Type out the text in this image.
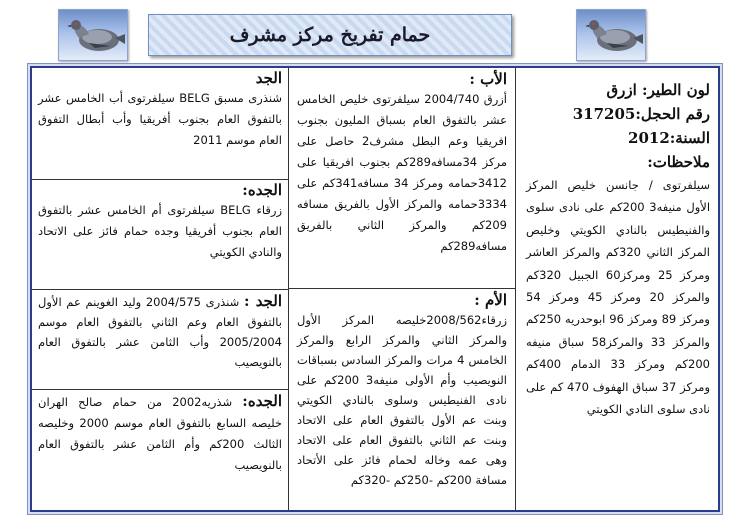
حمام تفريخ مركز مشرف
لون الطير: ازرق
رقم الحجل:317205
السنة:2012
ملاحظات:
سيلفرتوى / جانسن خليص المركز الأول منيفه3 200كم على نادى سلوى والفنيطيس بالنادي الكويتي وخليص المركز الثاني 320كم والمركز العاشر ومركز 25 ومركز60 الجبيل 320كم والمركز 20 ومركز 45 ومركز 54 ومركز 89 ومركز 96 ابوحدريه 250كم والمركز 33 والمركز58 سباق منيفه 200كم ومركز 33 الدمام 400كم ومركز 37 سباق الهفوف 470 كم على نادى سلوى النادي الكويتي
الأب :
أزرق 2004/740 سيلفرتوى خليص الخامس عشر بالتفوق العام بسباق المليون بجنوب افريقيا وعم البطل مشرف2 حاصل على مركز 34مسافه289كم بجنوب افريقيا على 3412حمامه ومركز 34 مسافه341كم على 3334حمامه والمركز الأول بالفريق مسافه 209كم والمركز الثاني بالفريق مسافه289كم
الأم :
زرقاء2008/562خليصه المركز الأول والمركز الثاني والمركز الرابع والمركز الخامس 4 مرات والمركز السادس بسباقات النويصيب وأم الأولى منيفه3 200كم على نادى الفنيطيس وسلوى بالنادي الكويتي وبنت عم الأول بالتفوق العام على الاتحاد وبنت عم الثاني بالتفوق العام على الاتحاد وهى عمه وخاله لحمام فائز على الأتحاد مسافة 200كم -250كم -320كم
الجد
شنذرى مسبق BELG سيلفرتوى أب الخامس عشر بالتفوق العام بجنوب أفريقيا وأب أبطال التفوق العام موسم 2011
الجده:
زرقاء BELG سيلفرتوى أم الخامس عشر بالتفوق العام بجنوب أفريقيا وجده حمام فائز على الاتحاد والنادي الكويتي
الجد : شنذرى 2004/575 وليد الغوينم عم الأول بالتفوق العام وعم الثاني بالتفوق العام موسم 2005/2004 وأب الثامن عشر بالتفوق العام بالنويصيب
الجده: شذريه2002 من حمام صالح الهران خليصه السابع بالتفوق العام موسم 2000 وخليصه الثالث 200كم وأم الثامن عشر بالتفوق العام بالنويصيب
